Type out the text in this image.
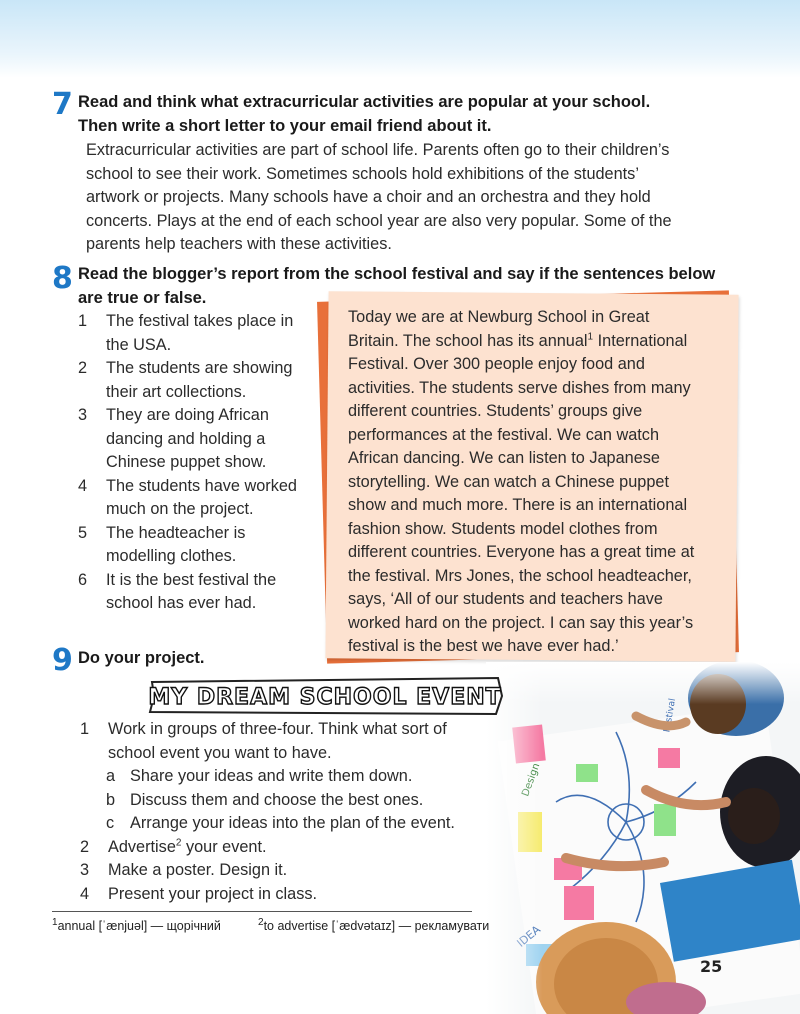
7 Read and think what extracurricular activities are popular at your school.
Then write a short letter to your email friend about it.
Extracurricular activities are part of school life. Parents often go to their children’s
school to see their work. Sometimes schools hold exhibitions of the students’
artwork or projects. Many schools have a choir and an orchestra and they hold
concerts. Plays at the end of each school year are also very popular. Some of the
parents help teachers with these activities.
8 Read the blogger’s report from the school festival and say if the sentences below
are true or false.
1	The festival takes place in
the USA.
2	The students are showing
their art collections.
3	They are doing African
dancing and holding a
Chinese puppet show.
4	The students have worked
much on the project.
5	The headteacher is
modelling clothes.
6	It is the best festival the
school has ever had.
Today we are at Newburg School in Great
Britain. The school has its annual$^1$ International
Festival. Over 300 people enjoy food and
activities. The students serve dishes from many
different countries. Students’ groups give
performances at the festival. We can watch
African dancing. We can listen to Japanese
storytelling. We can watch a Chinese puppet
show and much more. There is an international
fashion show. Students model clothes from
different countries. Everyone has a great time at
the festival. Mrs Jones, the school headteacher,
says, ‘All of our students and teachers have
worked hard on the project. I can say this year’s
festival is the best we have ever had.’
9 Do your project.
MY DREAM SCHOOL EVENT
1	Work in groups of three-four. Think what sort of
school event you want to have.
a Share your ideas and write them down.
b Discuss them and choose the best ones.
c Arrange your ideas into the plan of the event.
2	Advertise$^2$ your event.
3	Make a poster. Design it.
4	Present your project in class.
$^1$annual [ˈænjuəl] — щорічний	$^2$to advertise [ˈædvətaɪz] — рекламувати
25
